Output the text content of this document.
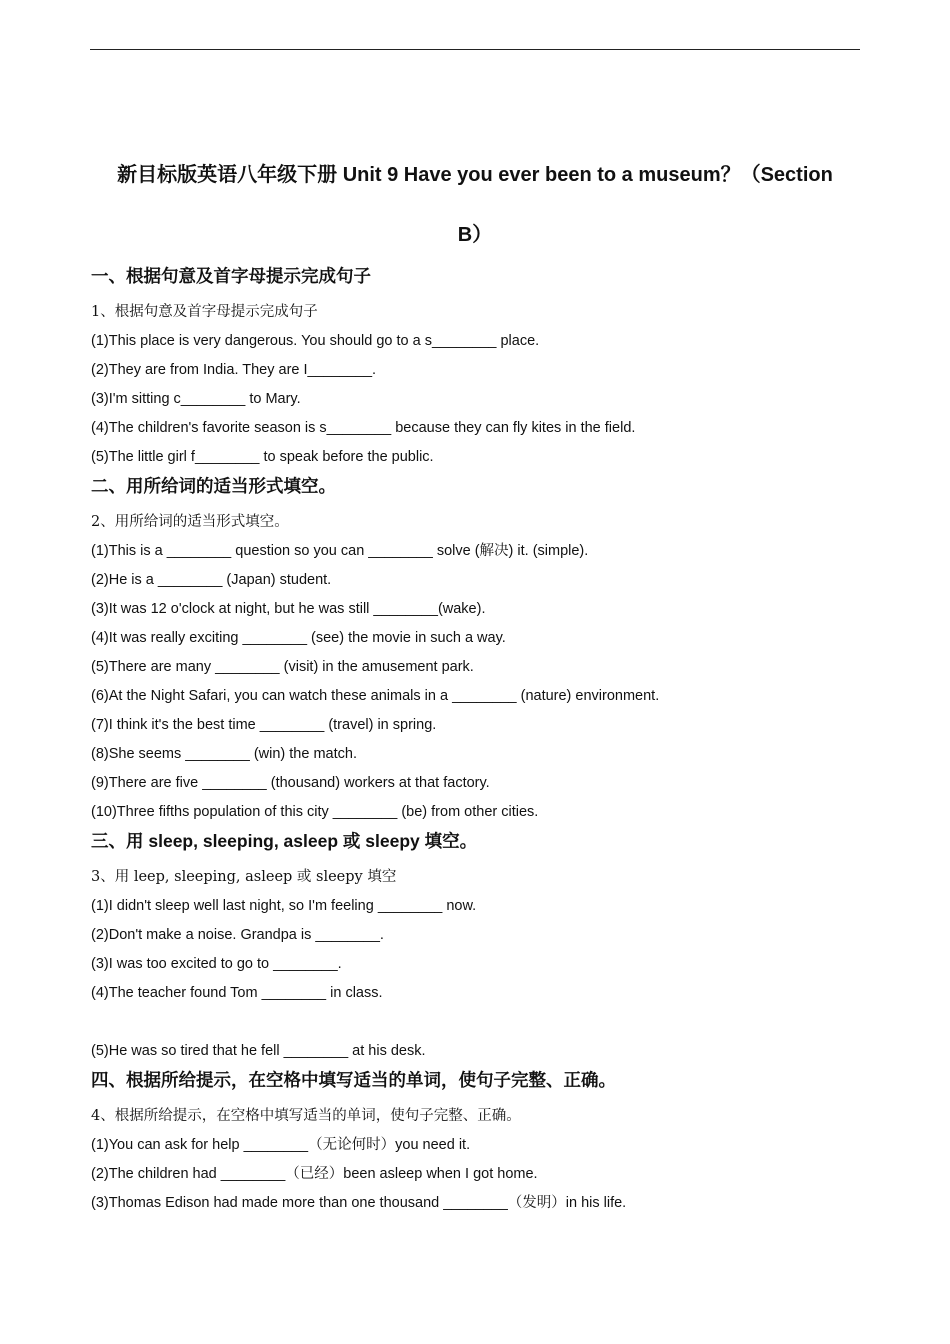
新目标版英语八年级下册 Unit 9 Have you ever been to a museum？（Section
B）
一、根据句意及首字母提示完成句子
1、根据句意及首字母提示完成句子
(1)This place is very dangerous. You should go to a s________ place.
(2)They are from India. They are I________.
(3)I'm sitting c________ to Mary.
(4)The children's favorite season is s________ because they can fly kites in the field.
(5)The little girl f________ to speak before the public.
二、用所给词的适当形式填空。
2、用所给词的适当形式填空。
(1)This is a ________ question so you can ________ solve (解决) it. (simple).
(2)He is a ________ (Japan) student.
(3)It was 12 o'clock at night, but he was still ________(wake).
(4)It was really exciting ________ (see) the movie in such a way.
(5)There are many ________ (visit) in the amusement park.
(6)At the Night Safari, you can watch these animals in a ________ (nature) environment.
(7)I think it's the best time ________ (travel) in spring.
(8)She seems ________ (win) the match.
(9)There are five ________ (thousand) workers at that factory.
(10)Three fifths population of this city ________ (be) from other cities.
三、用 sleep, sleeping, asleep 或 sleepy 填空。
3、用 leep, sleeping, asleep 或 sleepy 填空
(1)I didn't sleep well last night, so I'm feeling ________ now.
(2)Don't make a noise. Grandpa is ________.
(3)I was too excited to go to ________.
(4)The teacher found Tom ________ in class.
(5)He was so tired that he fell ________ at his desk.
四、根据所给提示，在空格中填写适当的单词，使句子完整、正确。
4、根据所给提示，在空格中填写适当的单词，使句子完整、正确。
(1)You can ask for help ________（无论何时）you need it.
(2)The children had ________（已经）been asleep when I got home.
(3)Thomas Edison had made more than one thousand ________（发明）in his life.
